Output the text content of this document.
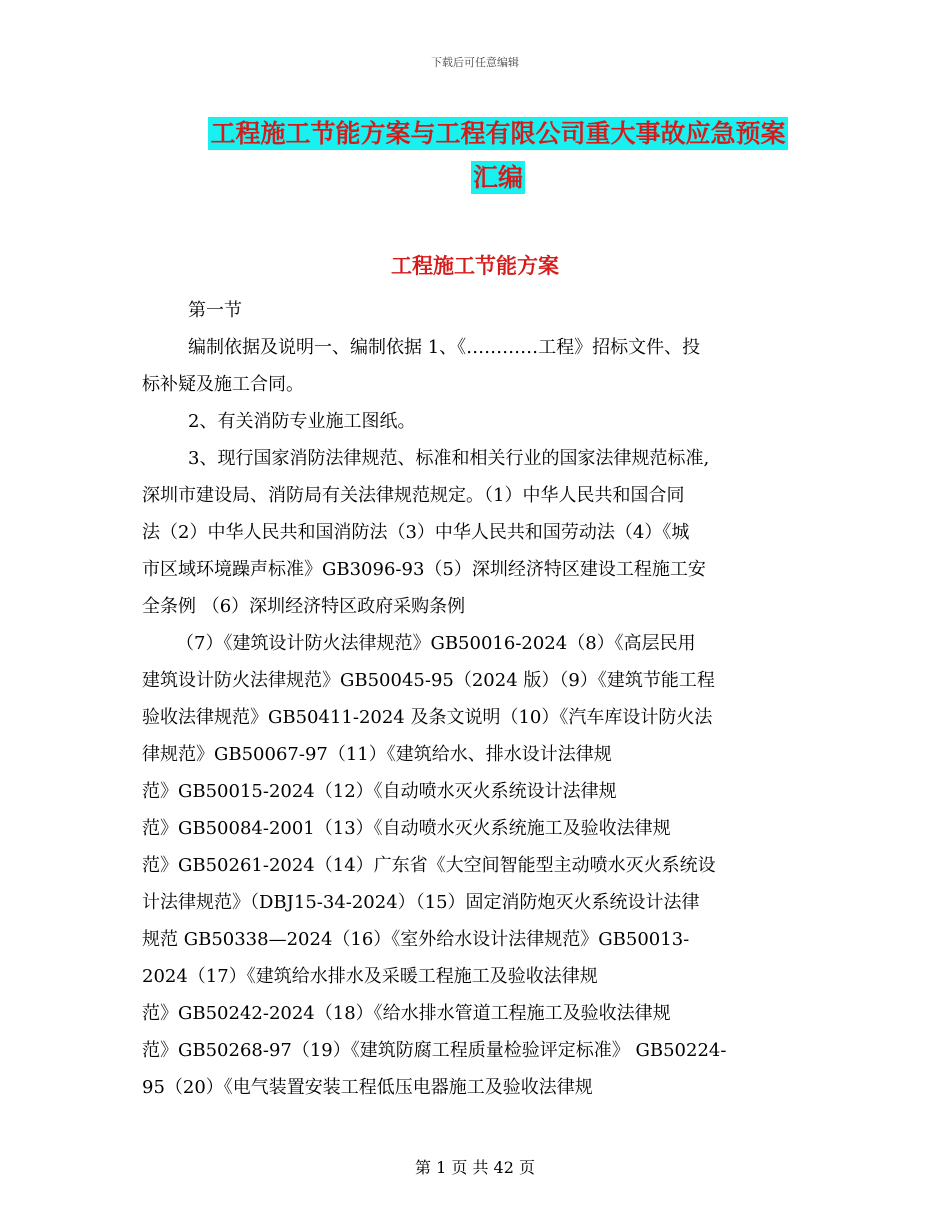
下载后可任意编辑
工程施工节能方案与工程有限公司重大事故应急预案
汇编
工程施工节能方案

第一节

编制依据及说明一、编制依据 1、《…………工程》招标文件、投

标补疑及施工合同。

2、有关消防专业施工图纸。

3、现行国家消防法律规范、标准和相关行业的国家法律规范标准,

深圳市建设局、消防局有关法律规范规定。（1）中华人民共和国合同

法（2）中华人民共和国消防法（3）中华人民共和国劳动法（4）《城

市区域环境躁声标准》GB3096-93（5）深圳经济特区建设工程施工安

全条例 （6）深圳经济特区政府采购条例

（7）《建筑设计防火法律规范》GB50016-2024（8）《高层民用

建筑设计防火法律规范》GB50045-95（2024 版）（9）《建筑节能工程

验收法律规范》GB50411-2024 及条文说明（10）《汽车库设计防火法

律规范》GB50067-97（11）《建筑给水、排水设计法律规

范》GB50015-2024（12）《自动喷水灭火系统设计法律规

范》GB50084-2001（13）《自动喷水灭火系统施工及验收法律规

范》GB50261-2024（14）广东省《大空间智能型主动喷水灭火系统设

计法律规范》（DBJ15-34-2024）（15）固定消防炮灭火系统设计法律

规范 GB50338—2024（16）《室外给水设计法律规范》GB50013-

2024（17）《建筑给水排水及采暖工程施工及验收法律规

范》GB50242-2024（18）《给水排水管道工程施工及验收法律规

范》GB50268-97（19）《建筑防腐工程质量检验评定标准》 GB50224-

95（20）《电气装置安装工程低压电器施工及验收法律规

第 1 页 共 42 页
